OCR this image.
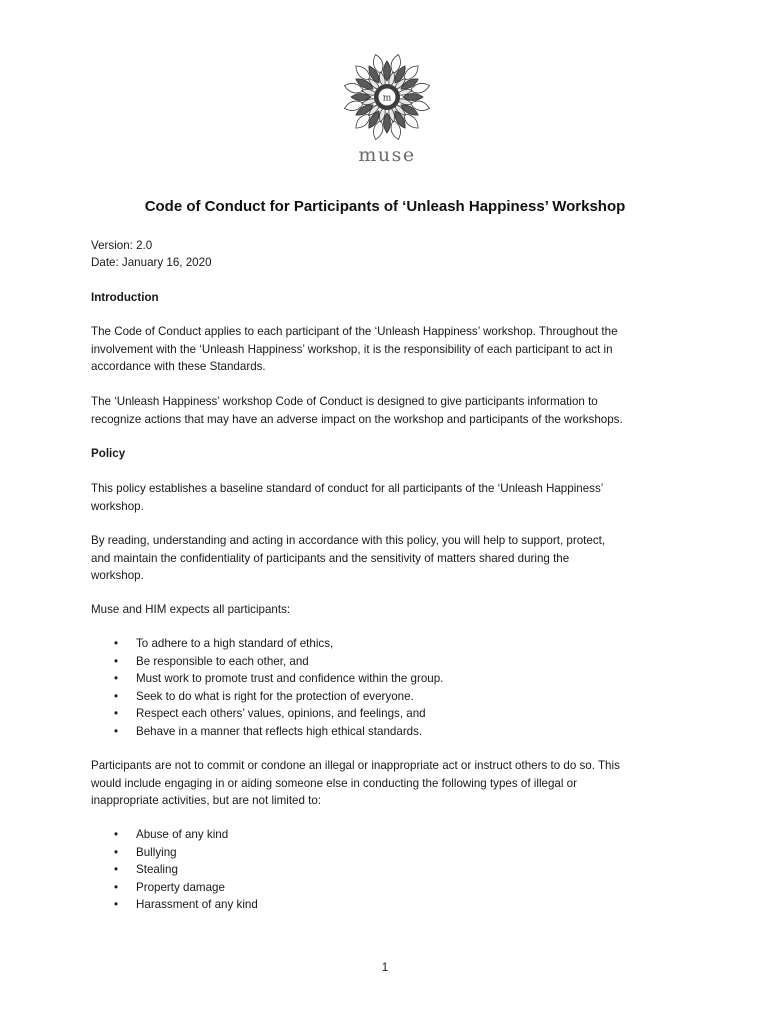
m
muse
Code of Conduct for Participants of ‘Unleash Happiness’ Workshop

Version: 2.0

Date: January 16, 2020

Introduction

The Code of Conduct applies to each participant of the ‘Unleash Happiness’ workshop. Throughout the
involvement with the ‘Unleash Happiness’ workshop, it is the responsibility of each participant to act in
accordance with these Standards.

The ‘Unleash Happiness’ workshop Code of Conduct is designed to give participants information to
recognize actions that may have an adverse impact on the workshop and participants of the workshops.

Policy

This policy establishes a baseline standard of conduct for all participants of the ‘Unleash Happiness’
workshop.

By reading, understanding and acting in accordance with this policy, you will help to support, protect,
and maintain the confidentiality of participants and the sensitivity of matters shared during the
workshop.

Muse and HIM expects all participants:

• To adhere to a high standard of ethics,
• Be responsible to each other, and
• Must work to promote trust and confidence within the group.
• Seek to do what is right for the protection of everyone.
• Respect each others’ values, opinions, and feelings, and
• Behave in a manner that reflects high ethical standards.

Participants are not to commit or condone an illegal or inappropriate act or instruct others to do so. This
would include engaging in or aiding someone else in conducting the following types of illegal or
inappropriate activities, but are not limited to:

• Abuse of any kind
• Bullying
• Stealing
• Property damage
• Harassment of any kind
1
